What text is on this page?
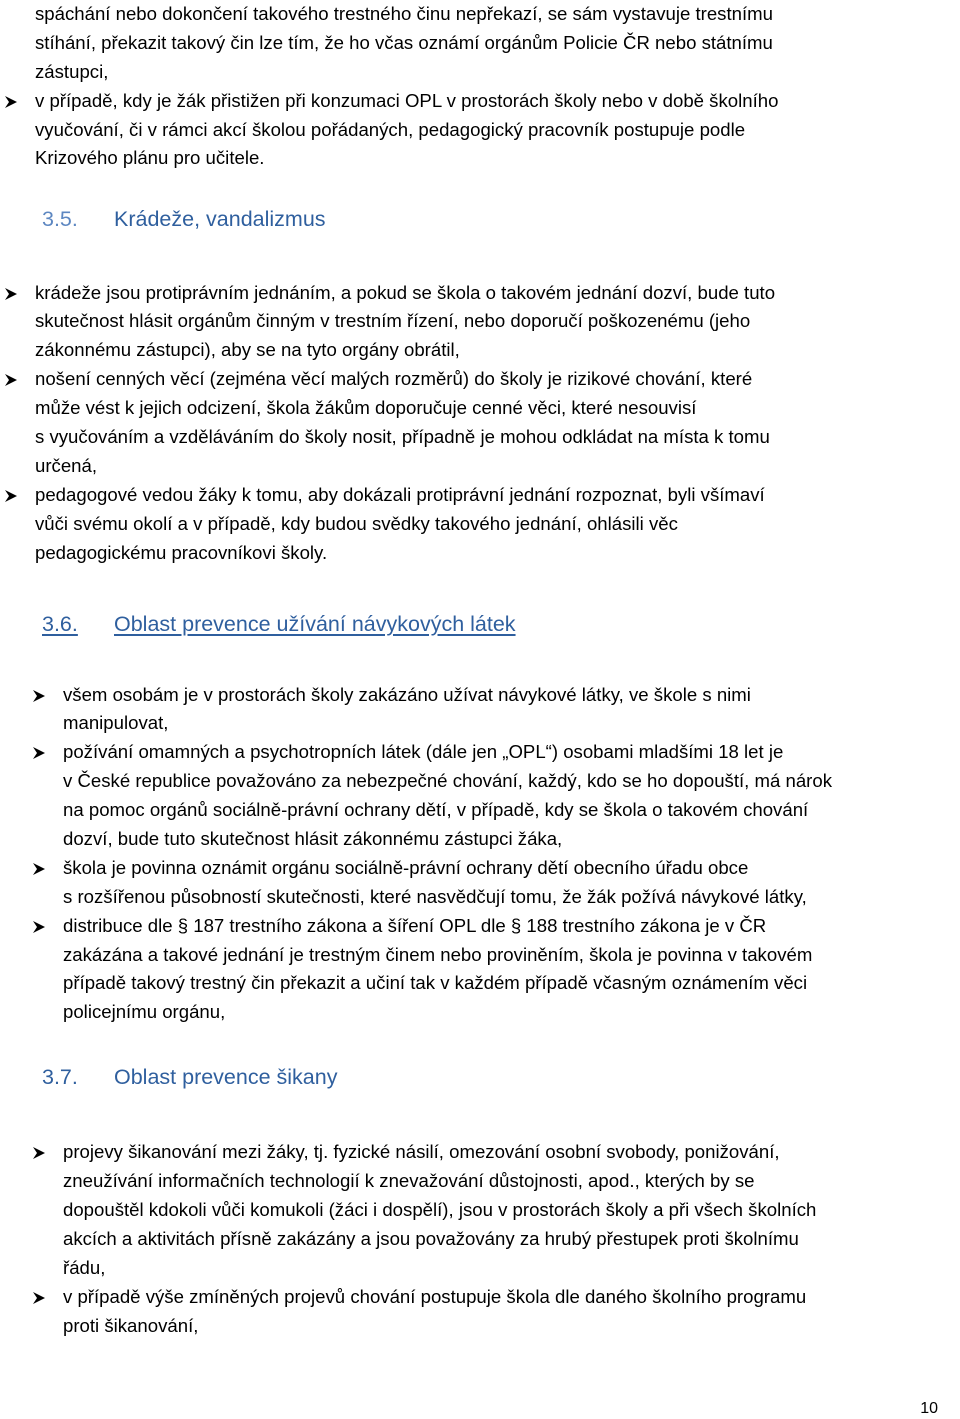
spáchání nebo dokončení takového trestného činu nepřekazí, se sám vystavuje trestnímu
stíhání, překazit takový čin lze tím, že ho včas oznámí orgánům Policie ČR nebo státnímu
zástupci,
v případě, kdy je žák přistižen při konzumaci OPL v prostorách školy nebo v době školního
vyučování, či v rámci akcí školou pořádaných, pedagogický pracovník postupuje podle
Krizového plánu pro učitele.
3.5. Krádeže, vandalizmus
krádeže jsou protiprávním jednáním, a pokud se škola o takovém jednání dozví, bude tuto
skutečnost hlásit orgánům činným v trestním řízení, nebo doporučí poškozenému (jeho
zákonnému zástupci), aby se na tyto orgány obrátil,
nošení cenných věcí (zejména věcí malých rozměrů) do školy je rizikové chování, které
může vést k jejich odcizení, škola žákům doporučuje cenné věci, které nesouvisí
s vyučováním a vzděláváním do školy nosit, případně je mohou odkládat na místa k tomu
určená,
pedagogové vedou žáky k tomu, aby dokázali protiprávní jednání rozpoznat, byli všímaví
vůči svému okolí a v případě, kdy budou svědky takového jednání, ohlásili věc
pedagogickému pracovníkovi školy.
3.6. Oblast prevence užívání návykových látek
všem osobám je v prostorách školy zakázáno užívat návykové látky, ve škole s nimi
manipulovat,
požívání omamných a psychotropních látek (dále jen „OPL“) osobami mladšími 18 let je
v České republice považováno za nebezpečné chování, každý, kdo se ho dopouští, má nárok
na pomoc orgánů sociálně-právní ochrany dětí, v případě, kdy se škola o takovém chování
dozví, bude tuto skutečnost hlásit zákonnému zástupci žáka,
škola je povinna oznámit orgánu sociálně-právní ochrany dětí obecního úřadu obce
s rozšířenou působností skutečnosti, které nasvědčují tomu, že žák požívá návykové látky,
distribuce dle § 187 trestního zákona a šíření OPL dle § 188 trestního zákona je v ČR
zakázána a takové jednání je trestným činem nebo proviněním, škola je povinna v takovém
případě takový trestný čin překazit a učiní tak v každém případě včasným oznámením věci
policejnímu orgánu,
3.7. Oblast prevence šikany
projevy šikanování mezi žáky, tj. fyzické násilí, omezování osobní svobody, ponižování,
zneužívání informačních technologií k znevažování důstojnosti, apod., kterých by se
dopouštěl kdokoli vůči komukoli (žáci i dospělí), jsou v prostorách školy a při všech školních
akcích a aktivitách přísně zakázány a jsou považovány za hrubý přestupek proti školnímu
řádu,
v případě výše zmíněných projevů chování postupuje škola dle daného školního programu
proti šikanování,
10
